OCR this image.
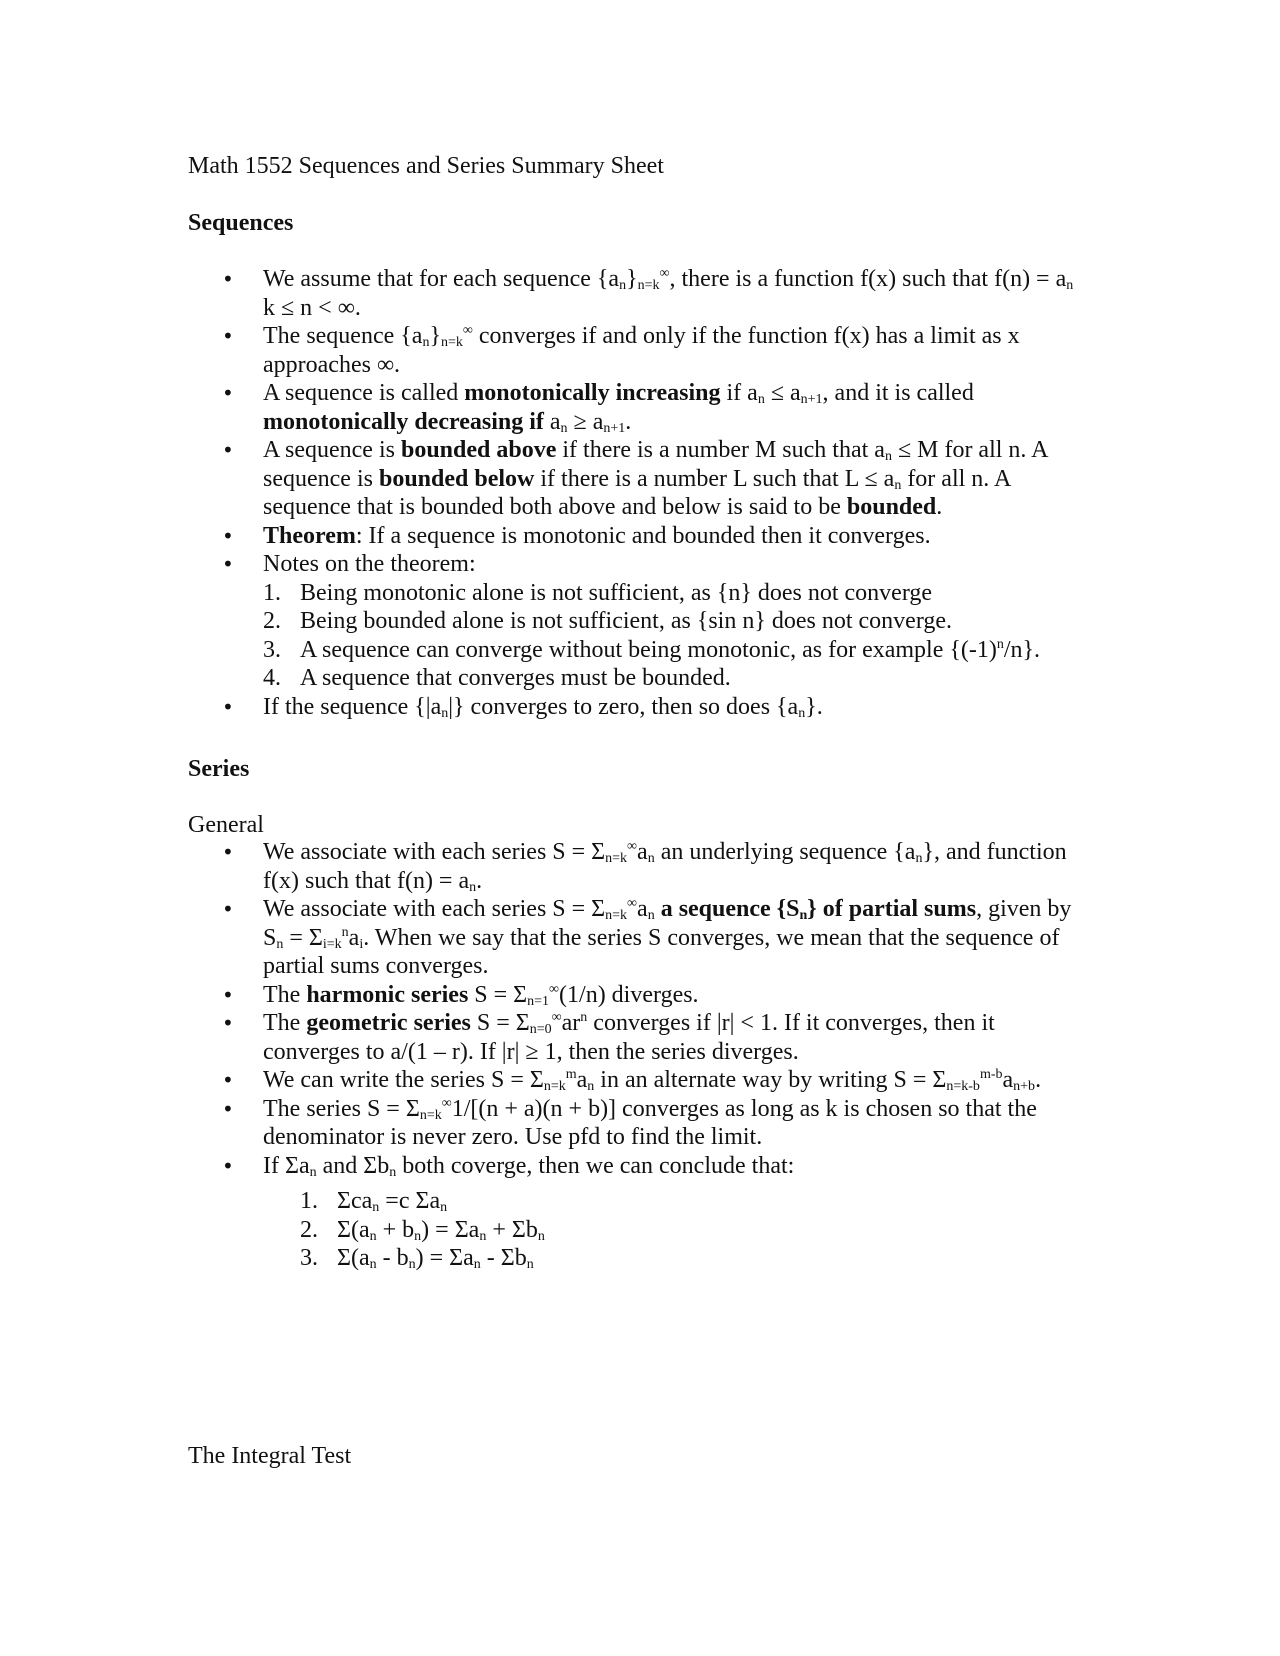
Math 1552 Sequences and Series Summary Sheet
Sequences
• We assume that for each sequence $\{a_n\}_{n=k}^\infty$, there is a function f(x) such that $f(n) = a_n$ k ≤ n < ∞.
• The sequence $\{a_n\}_{n=k}^\infty$ converges if and only if the function f(x) has a limit as x approaches ∞.
• A sequence is called monotonically increasing if $a_n \le a_{n+1}$, and it is called monotonically decreasing if $a_n \ge a_{n+1}$.
• A sequence is bounded above if there is a number M such that $a_n \le M$ for all n. A sequence is bounded below if there is a number L such that $L \le a_n$ for all n. A sequence that is bounded both above and below is said to be bounded.
• Theorem: If a sequence is monotonic and bounded then it converges.
• Notes on the theorem:
1. Being monotonic alone is not sufficient, as {n} does not converge
2. Being bounded alone is not sufficient, as {sin n} does not converge.
3. A sequence can converge without being monotonic, as for example $\{(-1)^n/n\}$.
4. A sequence that converges must be bounded.
• If the sequence $\{|a_n|\}$ converges to zero, then so does $\{a_n\}$.
Series
General
• We associate with each series $S = \Sigma_{n=k}^\infty a_n$ an underlying sequence $\{a_n\}$, and function f(x) such that $f(n) = a_n$.
• We associate with each series $S = \Sigma_{n=k}^\infty a_n$ a sequence $\{S_n\}$ of partial sums, given by $S_n = \Sigma_{i=k}^na_i$. When we say that the series S converges, we mean that the sequence of partial sums converges.
• The harmonic series $S = \Sigma_{n=1}^\infty(1/n)$ diverges.
• The geometric series $S = \Sigma_{n=0}^\infty ar^n$ converges if |r| < 1. If it converges, then it converges to a/(1 – r). If |r| ≥ 1, then the series diverges.
• We can write the series $S = \Sigma_{n=k}^ma_n$ in an alternate way by writing $S = \Sigma_{n=k-b}^{m-b}a_{n+b}$.
• The series $S = \Sigma_{n=k}^\infty 1/[(n + a)(n + b)]$ converges as long as k is chosen so that the denominator is never zero. Use pfd to find the limit.
• If $\Sigma a_n$ and $\Sigma b_n$ both coverge, then we can conclude that:
1. Σca$_n$ =c $\Sigma a_n$
2. $\Sigma(a_n + b_n) = \Sigma a_n + \Sigma b_n$
3. $\Sigma(a_n - b_n) = \Sigma a_n - \Sigma b_n$
The Integral Test
